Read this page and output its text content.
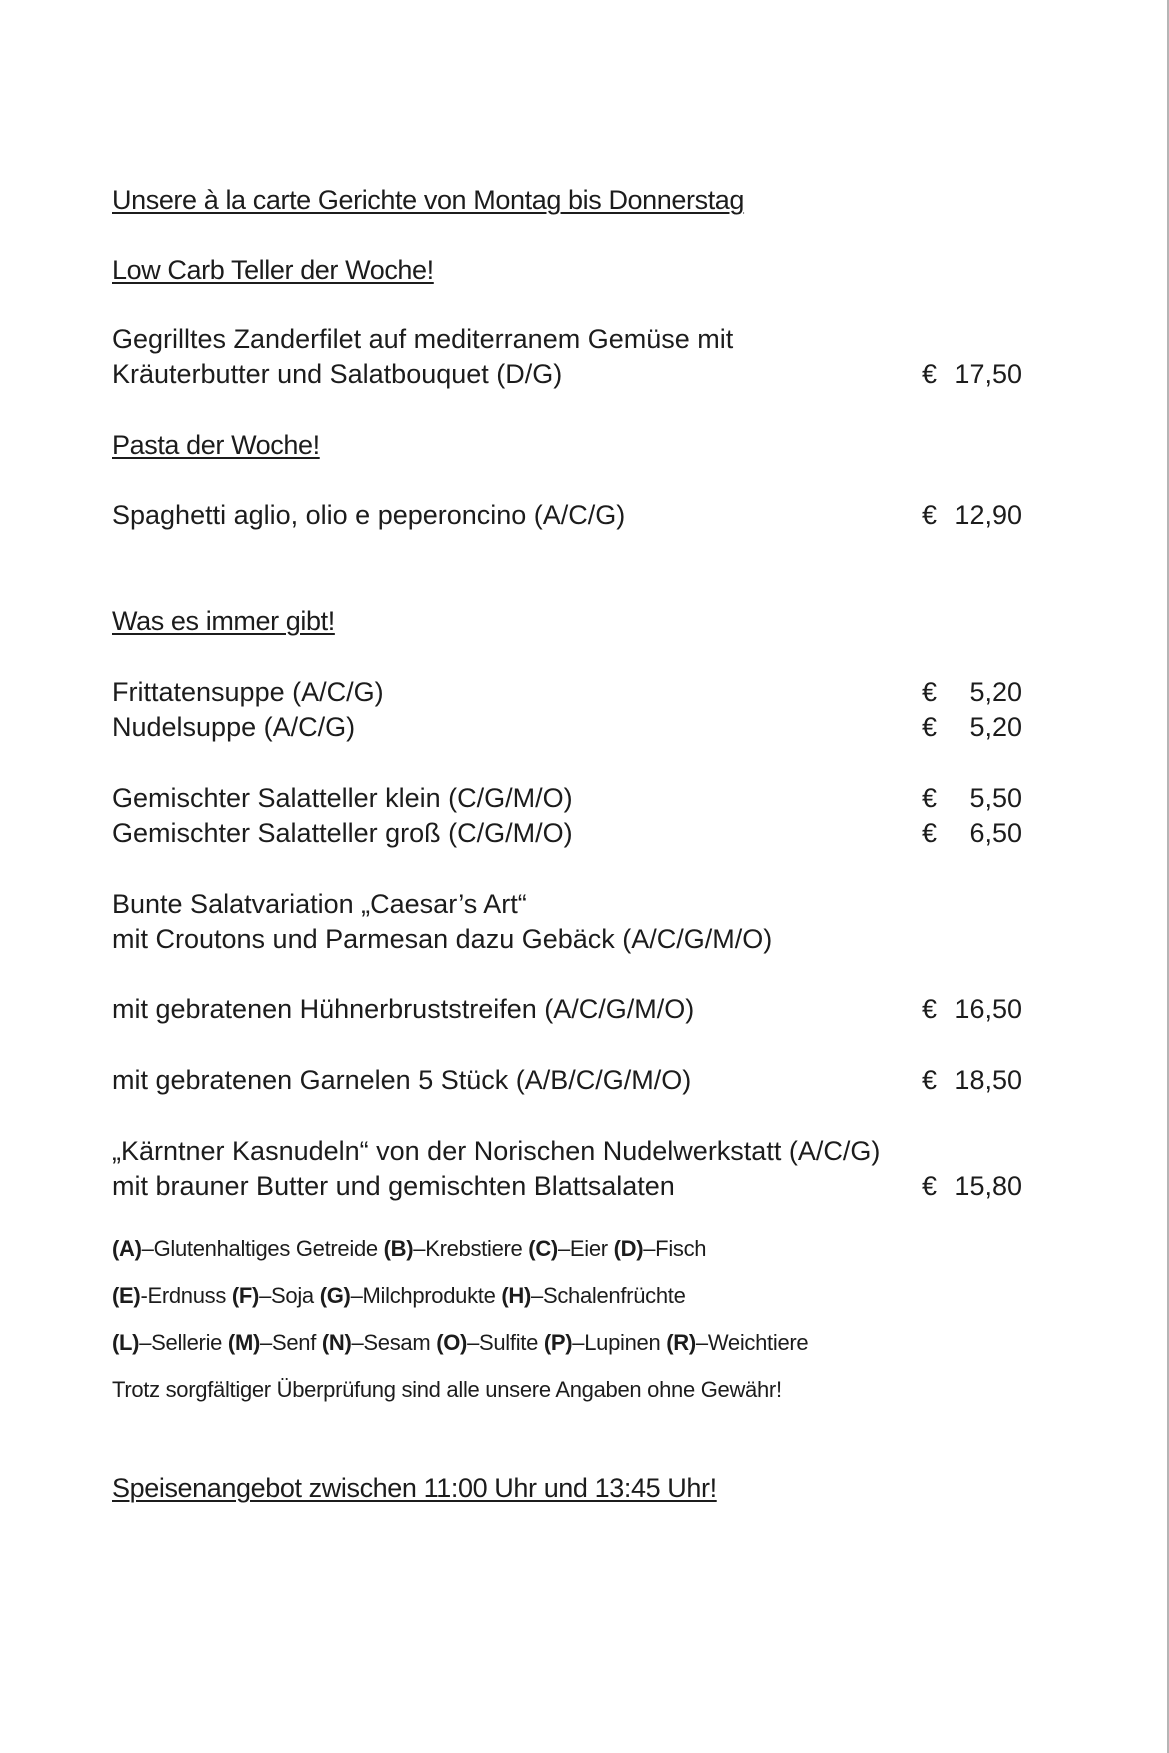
Unsere à la carte Gerichte von Montag bis Donnerstag
Low Carb Teller der Woche!
Gegrilltes Zanderfilet auf mediterranem Gemüse mit
Kräuterbutter und Salatbouquet (D/G)	€ 17,50
Pasta der Woche!
Spaghetti aglio, olio e peperoncino (A/C/G)	€ 12,90
Was es immer gibt!
Frittatensuppe (A/C/G)	€ 5,20
Nudelsuppe (A/C/G)	€ 5,20
Gemischter Salatteller klein (C/G/M/O)	€ 5,50
Gemischter Salatteller groß (C/G/M/O)	€ 6,50
Bunte Salatvariation „Caesar’s Art“
mit Croutons und Parmesan dazu Gebäck (A/C/G/M/O)
mit gebratenen Hühnerbruststreifen (A/C/G/M/O)	€ 16,50
mit gebratenen Garnelen 5 Stück (A/B/C/G/M/O)	€ 18,50
„Kärntner Kasnudeln“ von der Norischen Nudelwerkstatt (A/C/G)
mit brauner Butter und gemischten Blattsalaten	€ 15,80
(A)–Glutenhaltiges Getreide (B)–Krebstiere (C)–Eier (D)–Fisch
(E)-Erdnuss (F)–Soja (G)–Milchprodukte (H)–Schalenfrüchte
(L)–Sellerie (M)–Senf (N)–Sesam (O)–Sulfite (P)–Lupinen (R)–Weichtiere
Trotz sorgfältiger Überprüfung sind alle unsere Angaben ohne Gewähr!
Speisenangebot zwischen 11:00 Uhr und 13:45 Uhr!
